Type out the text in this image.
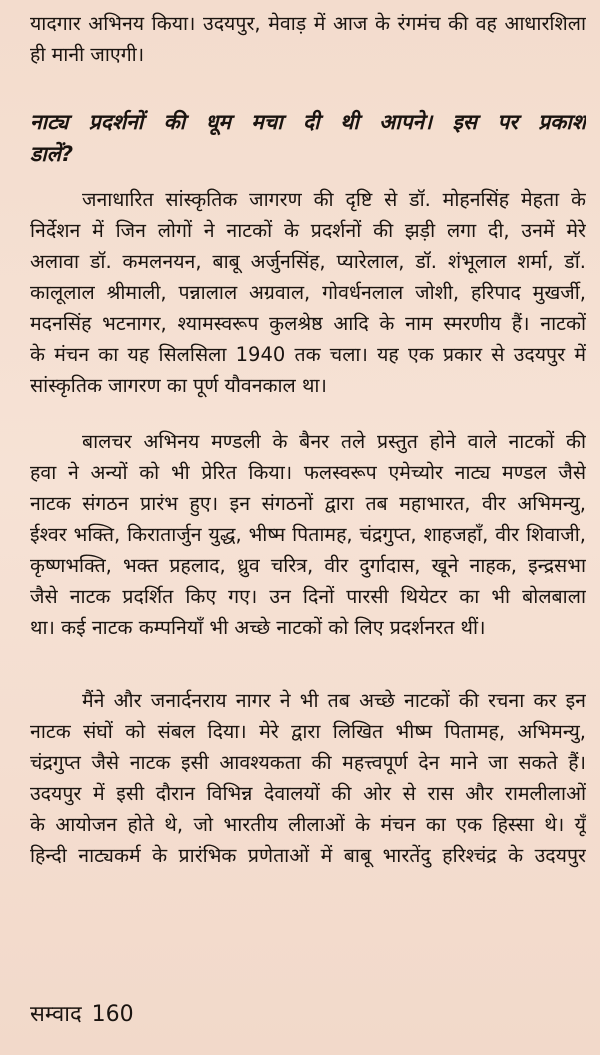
यादगार अभिनय किया। उदयपुर, मेवाड़ में आज के रंगमंच की वह आधारशिला
ही मानी जाएगी।
नाट्य प्रदर्शनों की धूम मचा दी थी आपने। इस पर प्रकाश
डालें?
जनाधारित सांस्कृतिक जागरण की दृष्टि से डॉ. मोहनसिंह मेहता के
निर्देशन में जिन लोगों ने नाटकों के प्रदर्शनों की झड़ी लगा दी, उनमें मेरे
अलावा डॉ. कमलनयन, बाबू अर्जुनसिंह, प्यारेलाल, डॉ. शंभूलाल शर्मा, डॉ.
कालूलाल श्रीमाली, पन्नालाल अग्रवाल, गोवर्धनलाल जोशी, हरिपाद मुखर्जी,
मदनसिंह भटनागर, श्यामस्वरूप कुलश्रेष्ठ आदि के नाम स्मरणीय हैं। नाटकों
के मंचन का यह सिलसिला 1940 तक चला। यह एक प्रकार से उदयपुर में
सांस्कृतिक जागरण का पूर्ण यौवनकाल था।
बालचर अभिनय मण्डली के बैनर तले प्रस्तुत होने वाले नाटकों की
हवा ने अन्यों को भी प्रेरित किया। फलस्वरूप एमेच्योर नाट्य मण्डल जैसे
नाटक संगठन प्रारंभ हुए। इन संगठनों द्वारा तब महाभारत, वीर अभिमन्यु,
ईश्वर भक्ति, किरातार्जुन युद्ध, भीष्म पितामह, चंद्रगुप्त, शाहजहाँ, वीर शिवाजी,
कृष्णभक्ति, भक्त प्रहलाद, ध्रुव चरित्र, वीर दुर्गादास, खूने नाहक, इन्द्रसभा
जैसे नाटक प्रदर्शित किए गए। उन दिनों पारसी थियेटर का भी बोलबाला
था। कई नाटक कम्पनियाँ भी अच्छे नाटकों को लिए प्रदर्शनरत थीं।
मैंने और जनार्दनराय नागर ने भी तब अच्छे नाटकों की रचना कर इन
नाटक संघों को संबल दिया। मेरे द्वारा लिखित भीष्म पितामह, अभिमन्यु,
चंद्रगुप्त जैसे नाटक इसी आवश्यकता की महत्त्वपूर्ण देन माने जा सकते हैं।
उदयपुर में इसी दौरान विभिन्न देवालयों की ओर से रास और रामलीलाओं
के आयोजन होते थे, जो भारतीय लीलाओं के मंचन का एक हिस्सा थे। यूँ
हिन्दी नाट्यकर्म के प्रारंभिक प्रणेताओं में बाबू भारतेंदु हरिश्चंद्र के उदयपुर
सम्वाद 160
